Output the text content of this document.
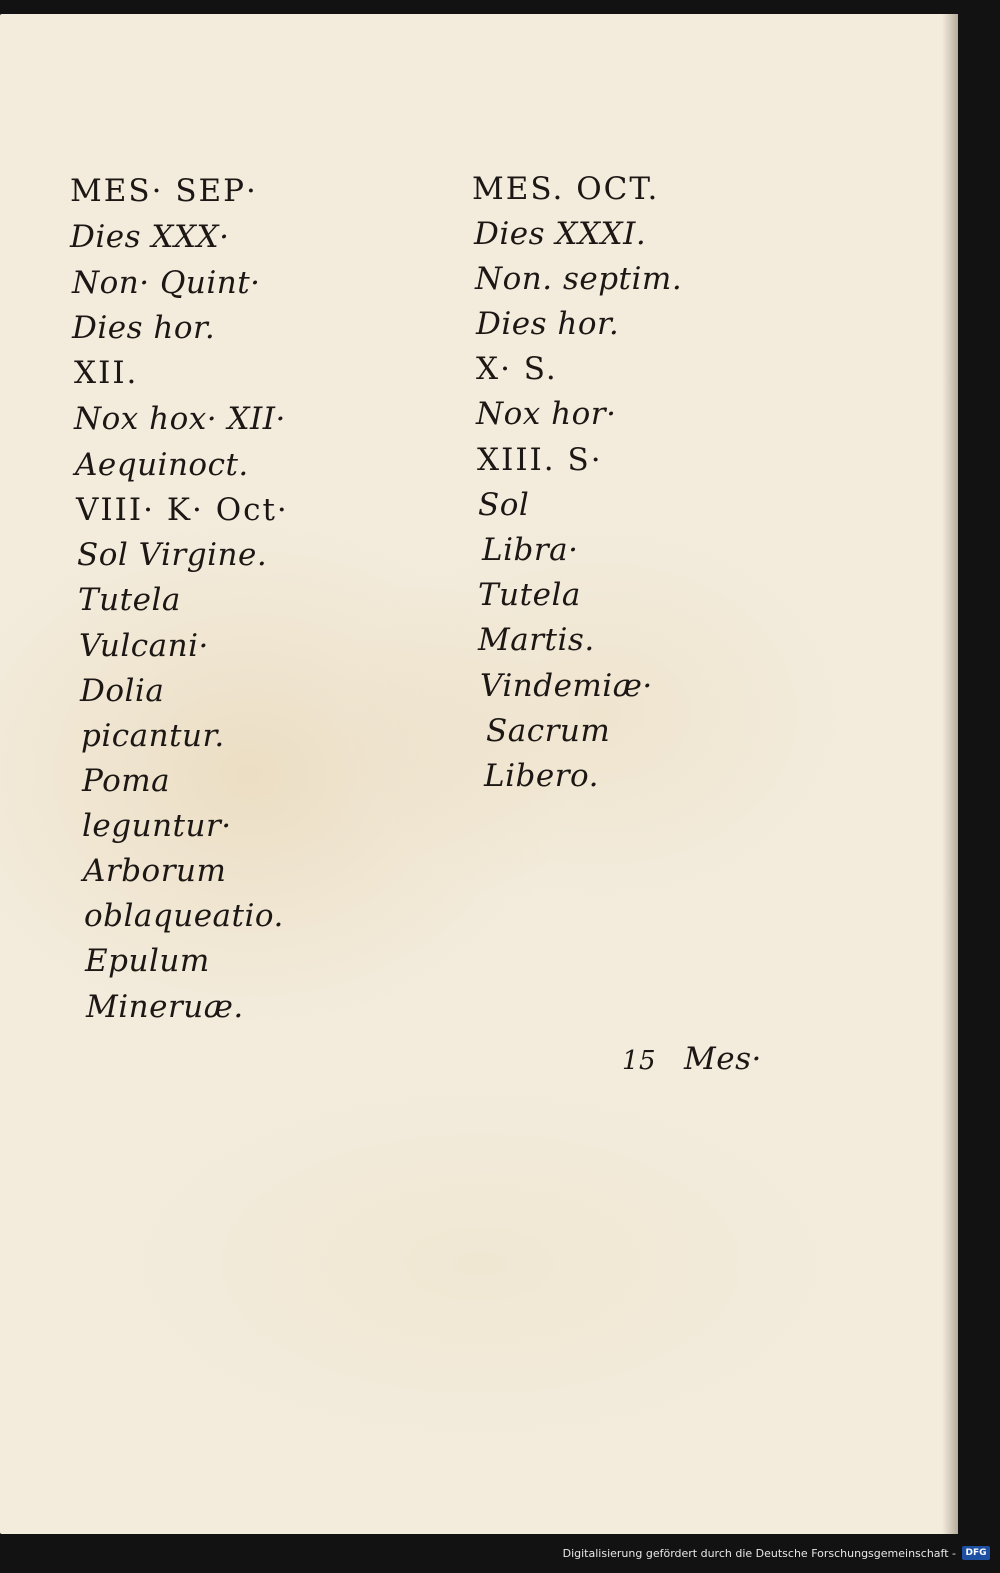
MES· SEP·

Dies XXX·

Non· Quint·

Dies hor.

XII.

Nox hox· XII·

Aequinoct.

VIII· K· Oct·

Sol Virgine.

Tutela

Vulcani·

Dolia

picantur.

Poma

leguntur·

Arborum

oblaqueatio.

Epulum

Mineruæ.

MES. OCT.

Dies XXXI.

Non. septim.

Dies hor.

X· S.

Nox hor·

XIII. S·

Sol

Libra·

Tutela

Martis.

Vindemiæ·

Sacrum

Libero.

15 Mes·

Digitalisierung gefördert durch die Deutsche Forschungsgemeinschaft -	DFG
